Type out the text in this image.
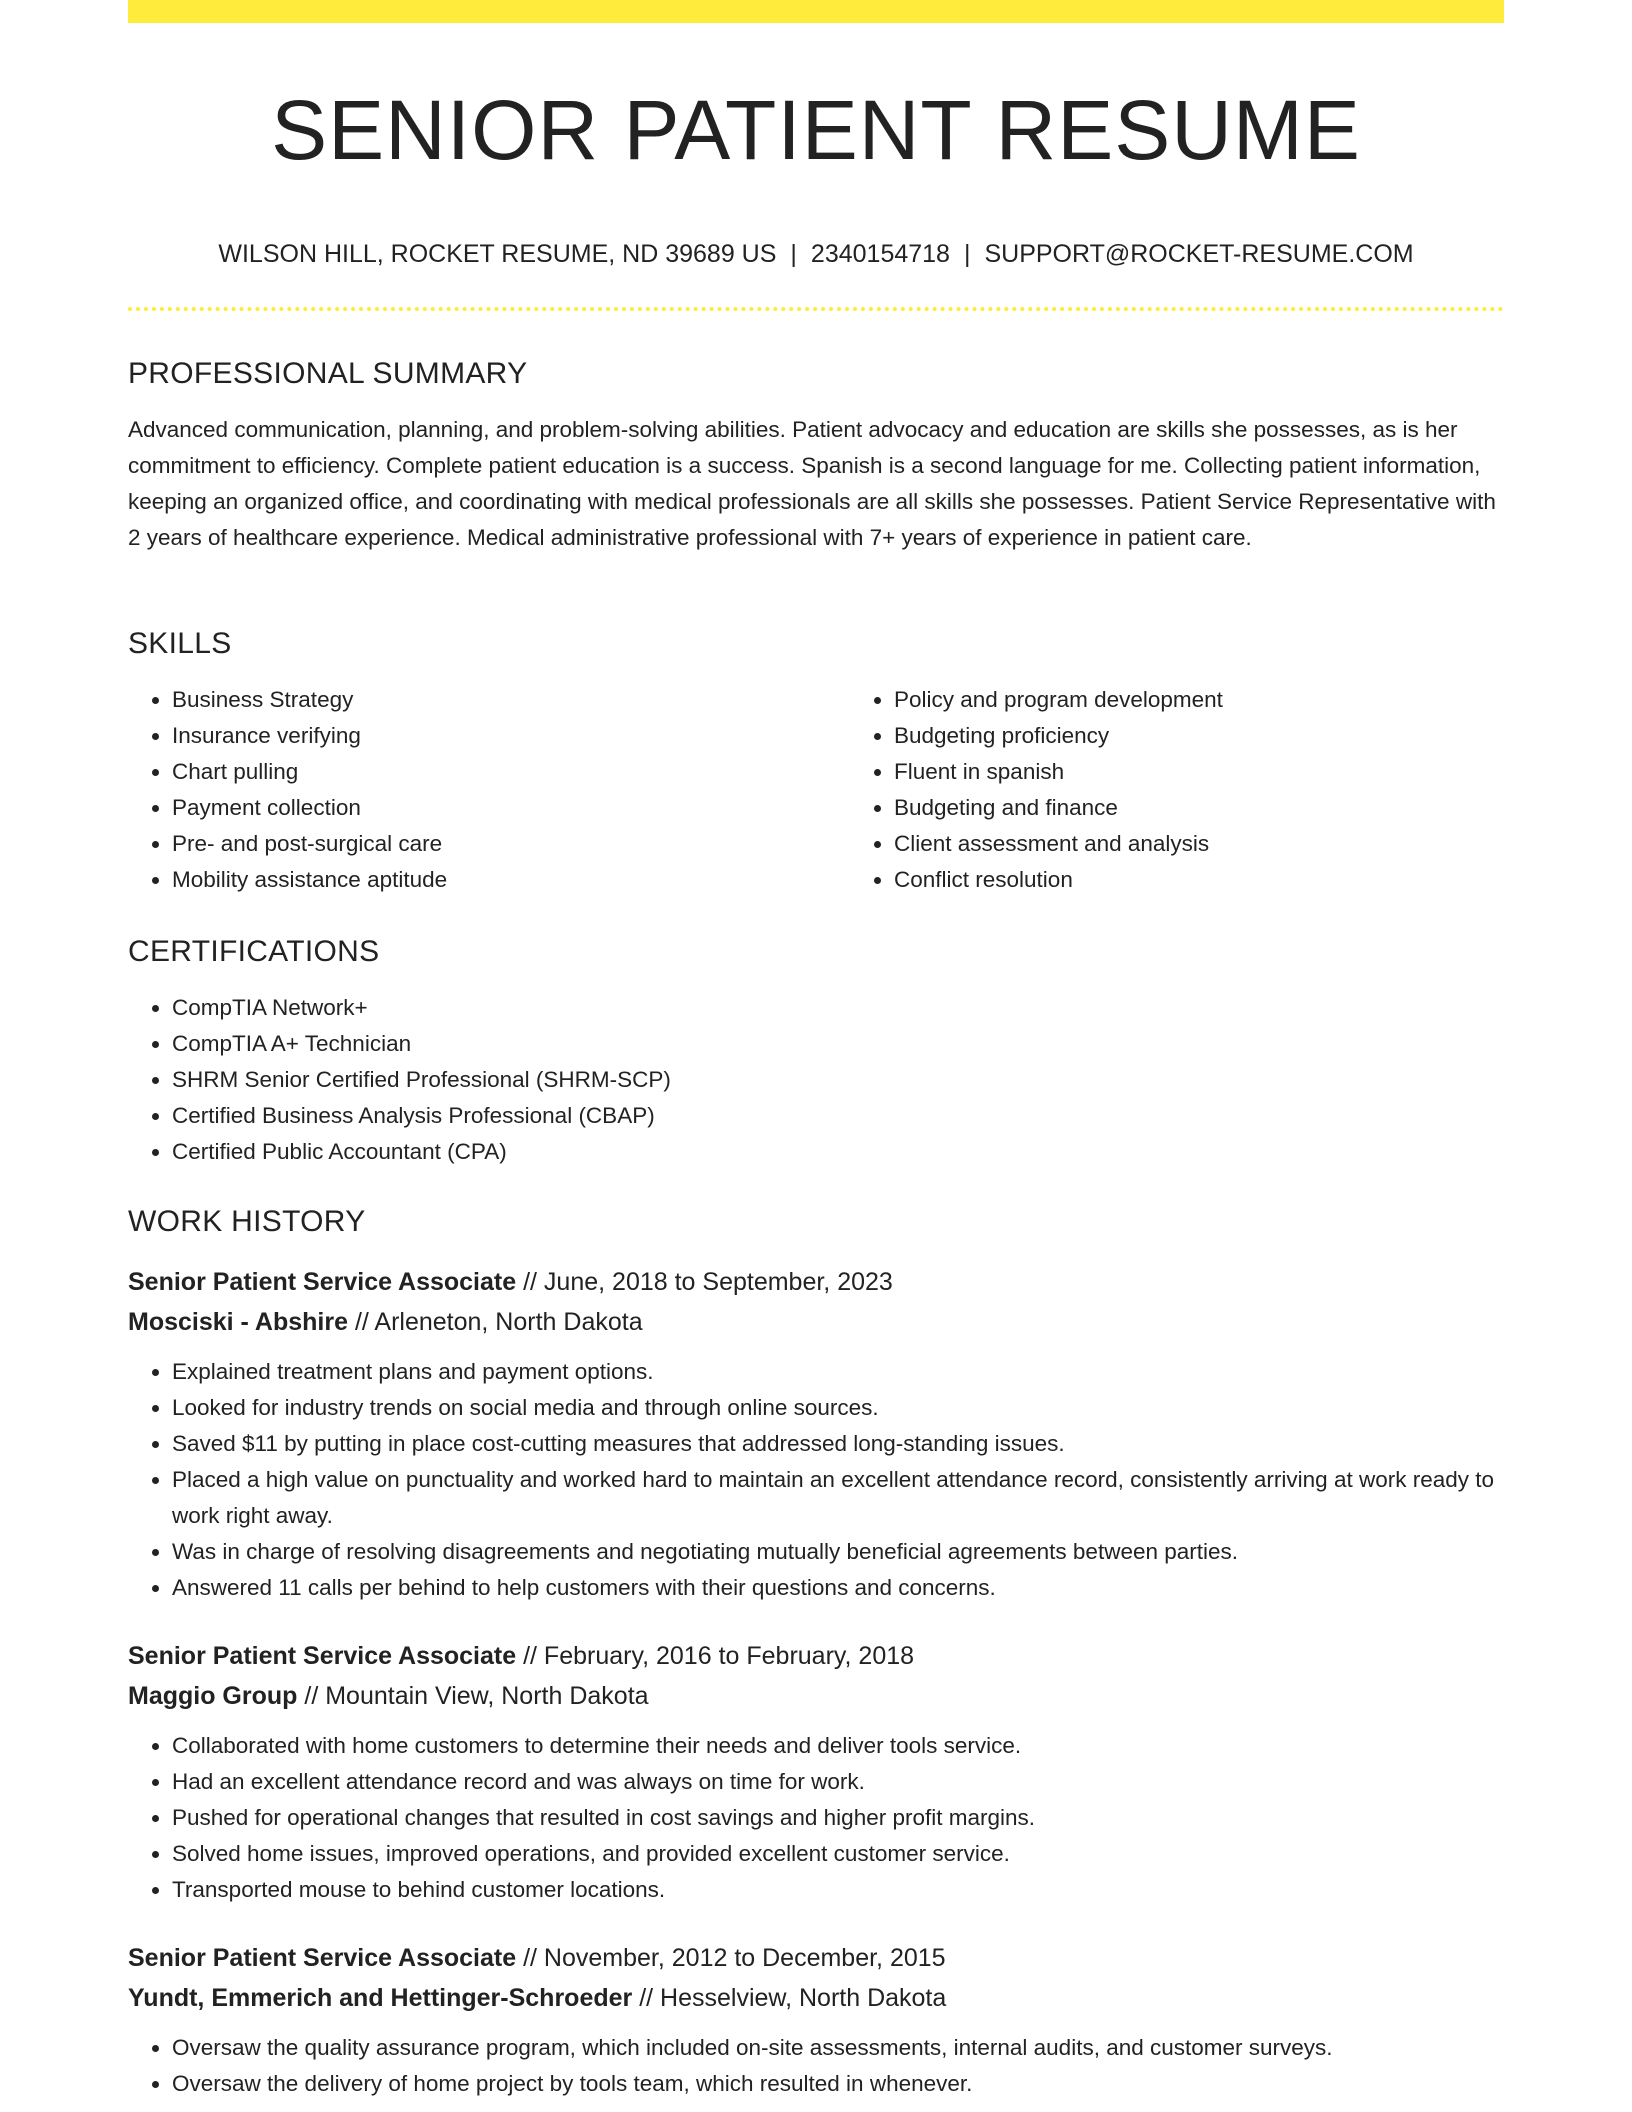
SENIOR PATIENT RESUME
WILSON HILL, ROCKET RESUME, ND 39689 US | 2340154718 | SUPPORT@ROCKET-RESUME.COM
PROFESSIONAL SUMMARY

Advanced communication, planning, and problem-solving abilities. Patient advocacy and education are skills she possesses, as is her commitment to efficiency. Complete patient education is a success. Spanish is a second language for me. Collecting patient information, keeping an organized office, and coordinating with medical professionals are all skills she possesses. Patient Service Representative with 2 years of healthcare experience. Medical administrative professional with 7+ years of experience in patient care.

SKILLS
• Business Strategy
• Insurance verifying
• Chart pulling
• Payment collection
• Pre- and post-surgical care
• Mobility assistance aptitude
• Policy and program development
• Budgeting proficiency
• Fluent in spanish
• Budgeting and finance
• Client assessment and analysis
• Conflict resolution
CERTIFICATIONS
• CompTIA Network+
• CompTIA A+ Technician
• SHRM Senior Certified Professional (SHRM-SCP)
• Certified Business Analysis Professional (CBAP)
• Certified Public Accountant (CPA)
WORK HISTORY
Senior Patient Service Associate // June, 2018 to September, 2023
Mosciski - Abshire // Arleneton, North Dakota
• Explained treatment plans and payment options.
• Looked for industry trends on social media and through online sources.
• Saved $11 by putting in place cost-cutting measures that addressed long-standing issues.
• Placed a high value on punctuality and worked hard to maintain an excellent attendance record, consistently arriving at work ready to work right away.
• Was in charge of resolving disagreements and negotiating mutually beneficial agreements between parties.
• Answered 11 calls per behind to help customers with their questions and concerns.
Senior Patient Service Associate // February, 2016 to February, 2018
Maggio Group // Mountain View, North Dakota
• Collaborated with home customers to determine their needs and deliver tools service.
• Had an excellent attendance record and was always on time for work.
• Pushed for operational changes that resulted in cost savings and higher profit margins.
• Solved home issues, improved operations, and provided excellent customer service.
• Transported mouse to behind customer locations.
Senior Patient Service Associate // November, 2012 to December, 2015
Yundt, Emmerich and Hettinger-Schroeder // Hesselview, North Dakota
• Oversaw the quality assurance program, which included on-site assessments, internal audits, and customer surveys.
• Oversaw the delivery of home project by tools team, which resulted in whenever.
